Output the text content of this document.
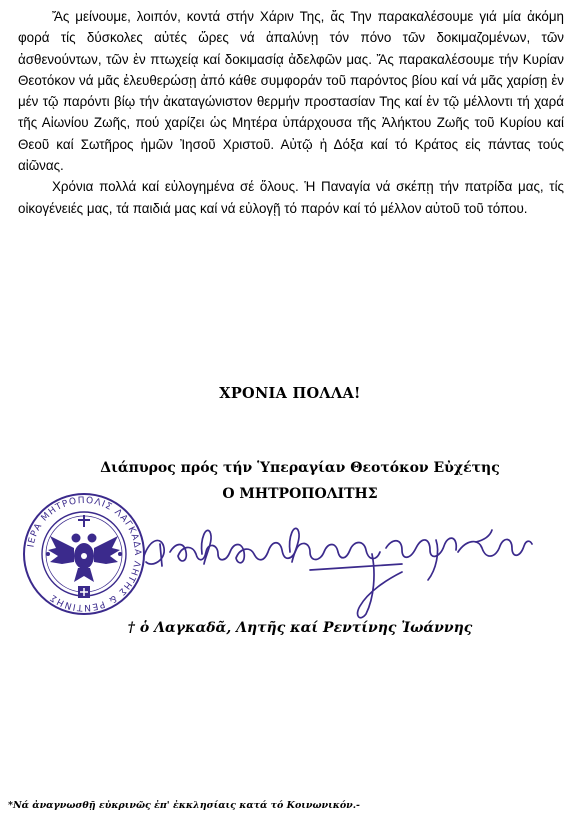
Ἄς μείνουμε, λοιπόν, κοντά στήν Χάριν Της, ἄς Την παρακαλέσουμε γιά μία ἀκόμη φορά τίς δύσκολες αὐτές ὥρες νά ἀπαλύνῃ τόν πόνο τῶν δοκιμαζομένων, τῶν ἀσθενούντων, τῶν ἐν πτωχείᾳ καί δοκιμασίᾳ ἀδελφῶν μας. Ἄς παρακαλέσουμε τήν Κυρίαν Θεοτόκον νά μᾶς ἐλευθερώσῃ ἀπό κάθε συμφοράν τοῦ παρόντος βίου καί νά μᾶς χαρίσῃ ἐν μέν τῷ παρόντι βίῳ τήν ἀκαταγώνιστον θερμήν προστασίαν Της καί ἐν τῷ μέλλοντι τή χαρά τῆς Αἰωνίου Ζωῆς, πού χαρίζει ὡς Μητέρα ὑπάρχουσα τῆς Ἀλήκτου Ζωῆς τοῦ Κυρίου καί Θεοῦ καί Σωτῆρος ἡμῶν Ἰησοῦ Χριστοῦ. Αὐτῷ ἡ Δόξα καί τό Κράτος εἰς πάντας τούς αἰῶνας.

Χρόνια πολλά καί εὐλογημένα σέ ὅλους. Ἡ Παναγία νά σκέπῃ τήν πατρίδα μας, τίς οἰκογένειές μας, τά παιδιά μας καί νά εὐλογῇ τό παρόν καί τό μέλλον αὐτοῦ τοῦ τόπου.

ΧΡΟΝΙΑ ΠΟΛΛΑ!
Διάπυρος πρός τήν Ὑπεραγίαν Θεοτόκον Εὐχέτης
Ο ΜΗΤΡΟΠΟΛΙΤΗΣ
ΙΕΡΑ ΜΗΤΡΟΠΟΛΙΣ ΛΑΓΚΑΔΑ ΛΗΤΗΣ & ΡΕΝΤΙΝΗΣ
† ὁ Λαγκαδᾶ, Λητῆς καί Ρεντίνης Ἰωάννης
*Νά ἀναγνωσθῇ εὐκρινῶς ἐπ' ἐκκλησίαις κατά τό Κοινωνικόν.-
